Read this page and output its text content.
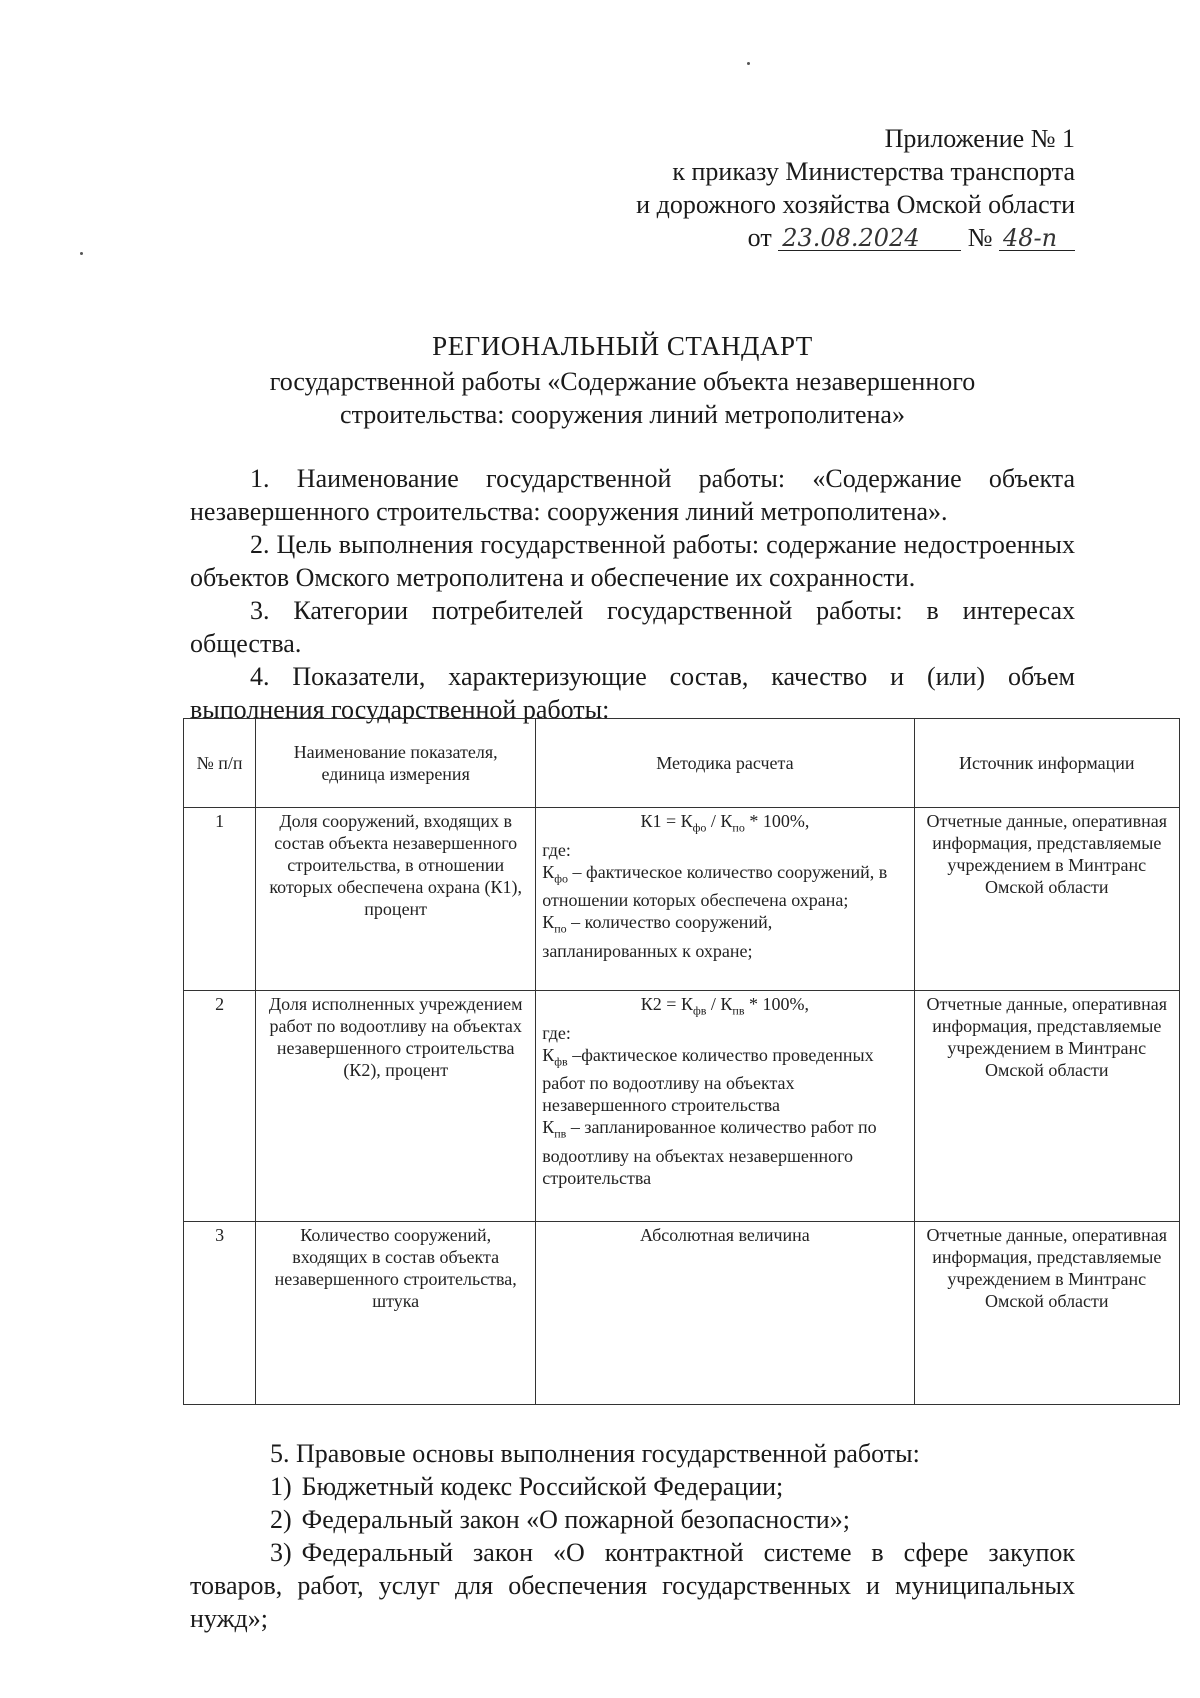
Приложение № 1
к приказу Министерства транспорта
и дорожного хозяйства Омской области
от 23.08.2024 № 48-п
РЕГИОНАЛЬНЫЙ СТАНДАРТ
государственной работы «Содержание объекта незавершенного
строительства: сооружения линий метрополитена»

1. Наименование государственной работы: «Содержание объекта незавершенного строительства: сооружения линий метрополитена».

2. Цель выполнения государственной работы: содержание недостроенных объектов Омского метрополитена и обеспечение их сохранности.

3. Категории потребителей государственной работы: в интересах общества.

4. Показатели, характеризующие состав, качество и (или) объем выполнения государственной работы:

№ п/п	Наименование показателя, единица измерения	Методика расчета	Источник информации
1	Доля сооружений, входящих в состав объекта незавершенного строительства, в отношении которых обеспечена охрана (К1), процент	$К1 = К_{фо} / К_{по} * 100\%$,
где:
$К_{фо}$ – фактическое количество сооружений, в отношении которых обеспечена охрана;
$К_{по}$ – количество сооружений, запланированных к охране;	Отчетные данные, оперативная информация, представляемые учреждением в Минтранс Омской области
2	Доля исполненных учреждением работ по водоотливу на объектах незавершенного строительства (К2), процент	$К2 = К_{фв} / К_{пв} * 100\%$,
где:
$К_{фв}$ –фактическое количество проведенных работ по водоотливу на объектах незавершенного строительства
$К_{пв}$ – запланированное количество работ по водоотливу на объектах незавершенного строительства	Отчетные данные, оперативная информация, представляемые учреждением в Минтранс Омской области
3	Количество сооружений, входящих в состав объекта незавершенного строительства, штука	Абсолютная величина	Отчетные данные, оперативная информация, представляемые учреждением в Минтранс Омской области

5. Правовые основы выполнения государственной работы:

1) Бюджетный кодекс Российской Федерации;

2) Федеральный закон «О пожарной безопасности»;

3) Федеральный закон «О контрактной системе в сфере закупок товаров, работ, услуг для обеспечения государственных и муниципальных нужд»;
